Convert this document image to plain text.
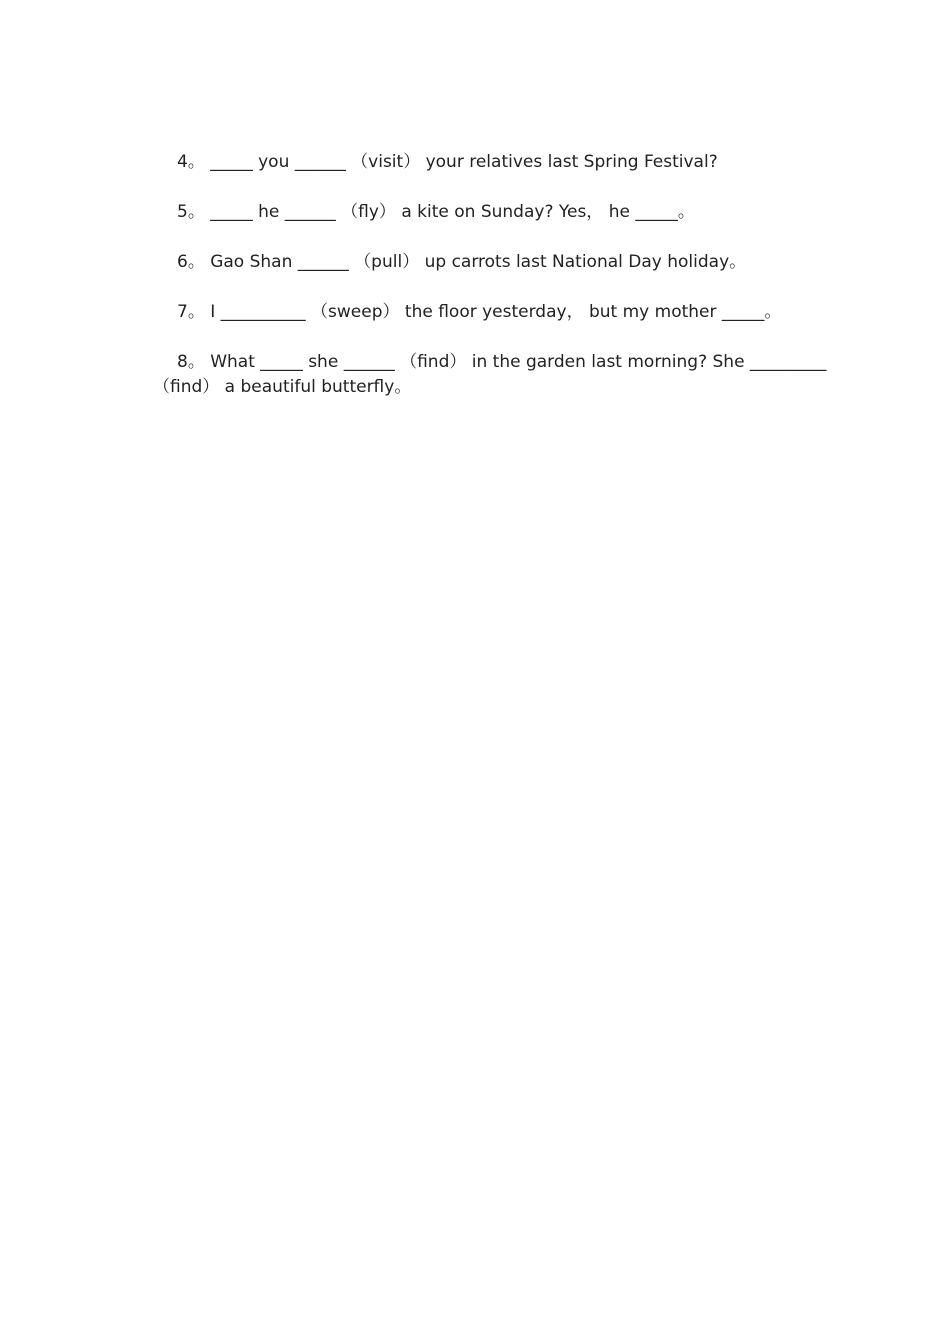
4。 _____ you ______ （visit） your relatives last Spring Festival?

5。 _____ he ______ （fly） a kite on Sunday? Yes， he _____。

6。 Gao Shan ______ （pull） up carrots last National Day holiday。

7。 I __________ （sweep） the floor yesterday， but my mother _____。

8。 What _____ she ______ （find） in the garden last morning? She _________ （find） a beautiful butterfly。
